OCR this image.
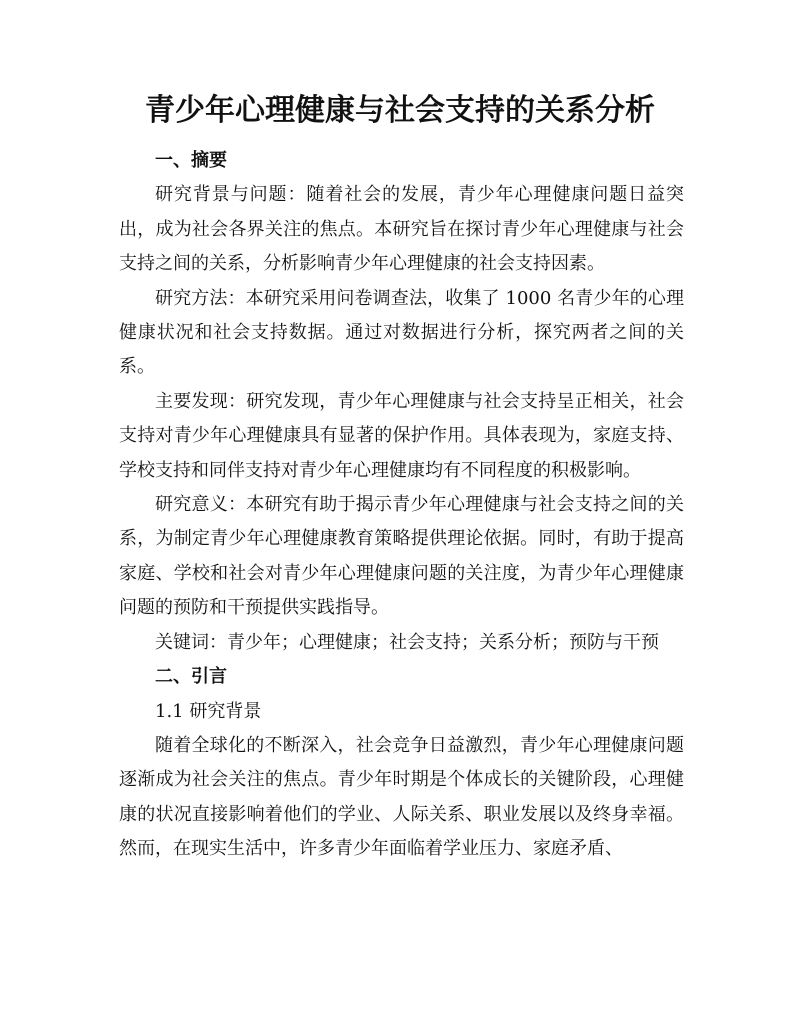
青少年心理健康与社会支持的关系分析

一、摘要

研究背景与问题：随着社会的发展，青少年心理健康问题日益突出，成为社会各界关注的焦点。本研究旨在探讨青少年心理健康与社会支持之间的关系，分析影响青少年心理健康的社会支持因素。

研究方法：本研究采用问卷调查法，收集了 1000 名青少年的心理健康状况和社会支持数据。通过对数据进行分析，探究两者之间的关系。

主要发现：研究发现，青少年心理健康与社会支持呈正相关，社会支持对青少年心理健康具有显著的保护作用。具体表现为，家庭支持、学校支持和同伴支持对青少年心理健康均有不同程度的积极影响。

研究意义：本研究有助于揭示青少年心理健康与社会支持之间的关系，为制定青少年心理健康教育策略提供理论依据。同时，有助于提高家庭、学校和社会对青少年心理健康问题的关注度，为青少年心理健康问题的预防和干预提供实践指导。

关键词：青少年；心理健康；社会支持；关系分析；预防与干预

二、引言

1.1 研究背景

随着全球化的不断深入，社会竞争日益激烈，青少年心理健康问题逐渐成为社会关注的焦点。青少年时期是个体成长的关键阶段，心理健康的状况直接影响着他们的学业、人际关系、职业发展以及终身幸福。然而，在现实生活中，许多青少年面临着学业压力、家庭矛盾、
